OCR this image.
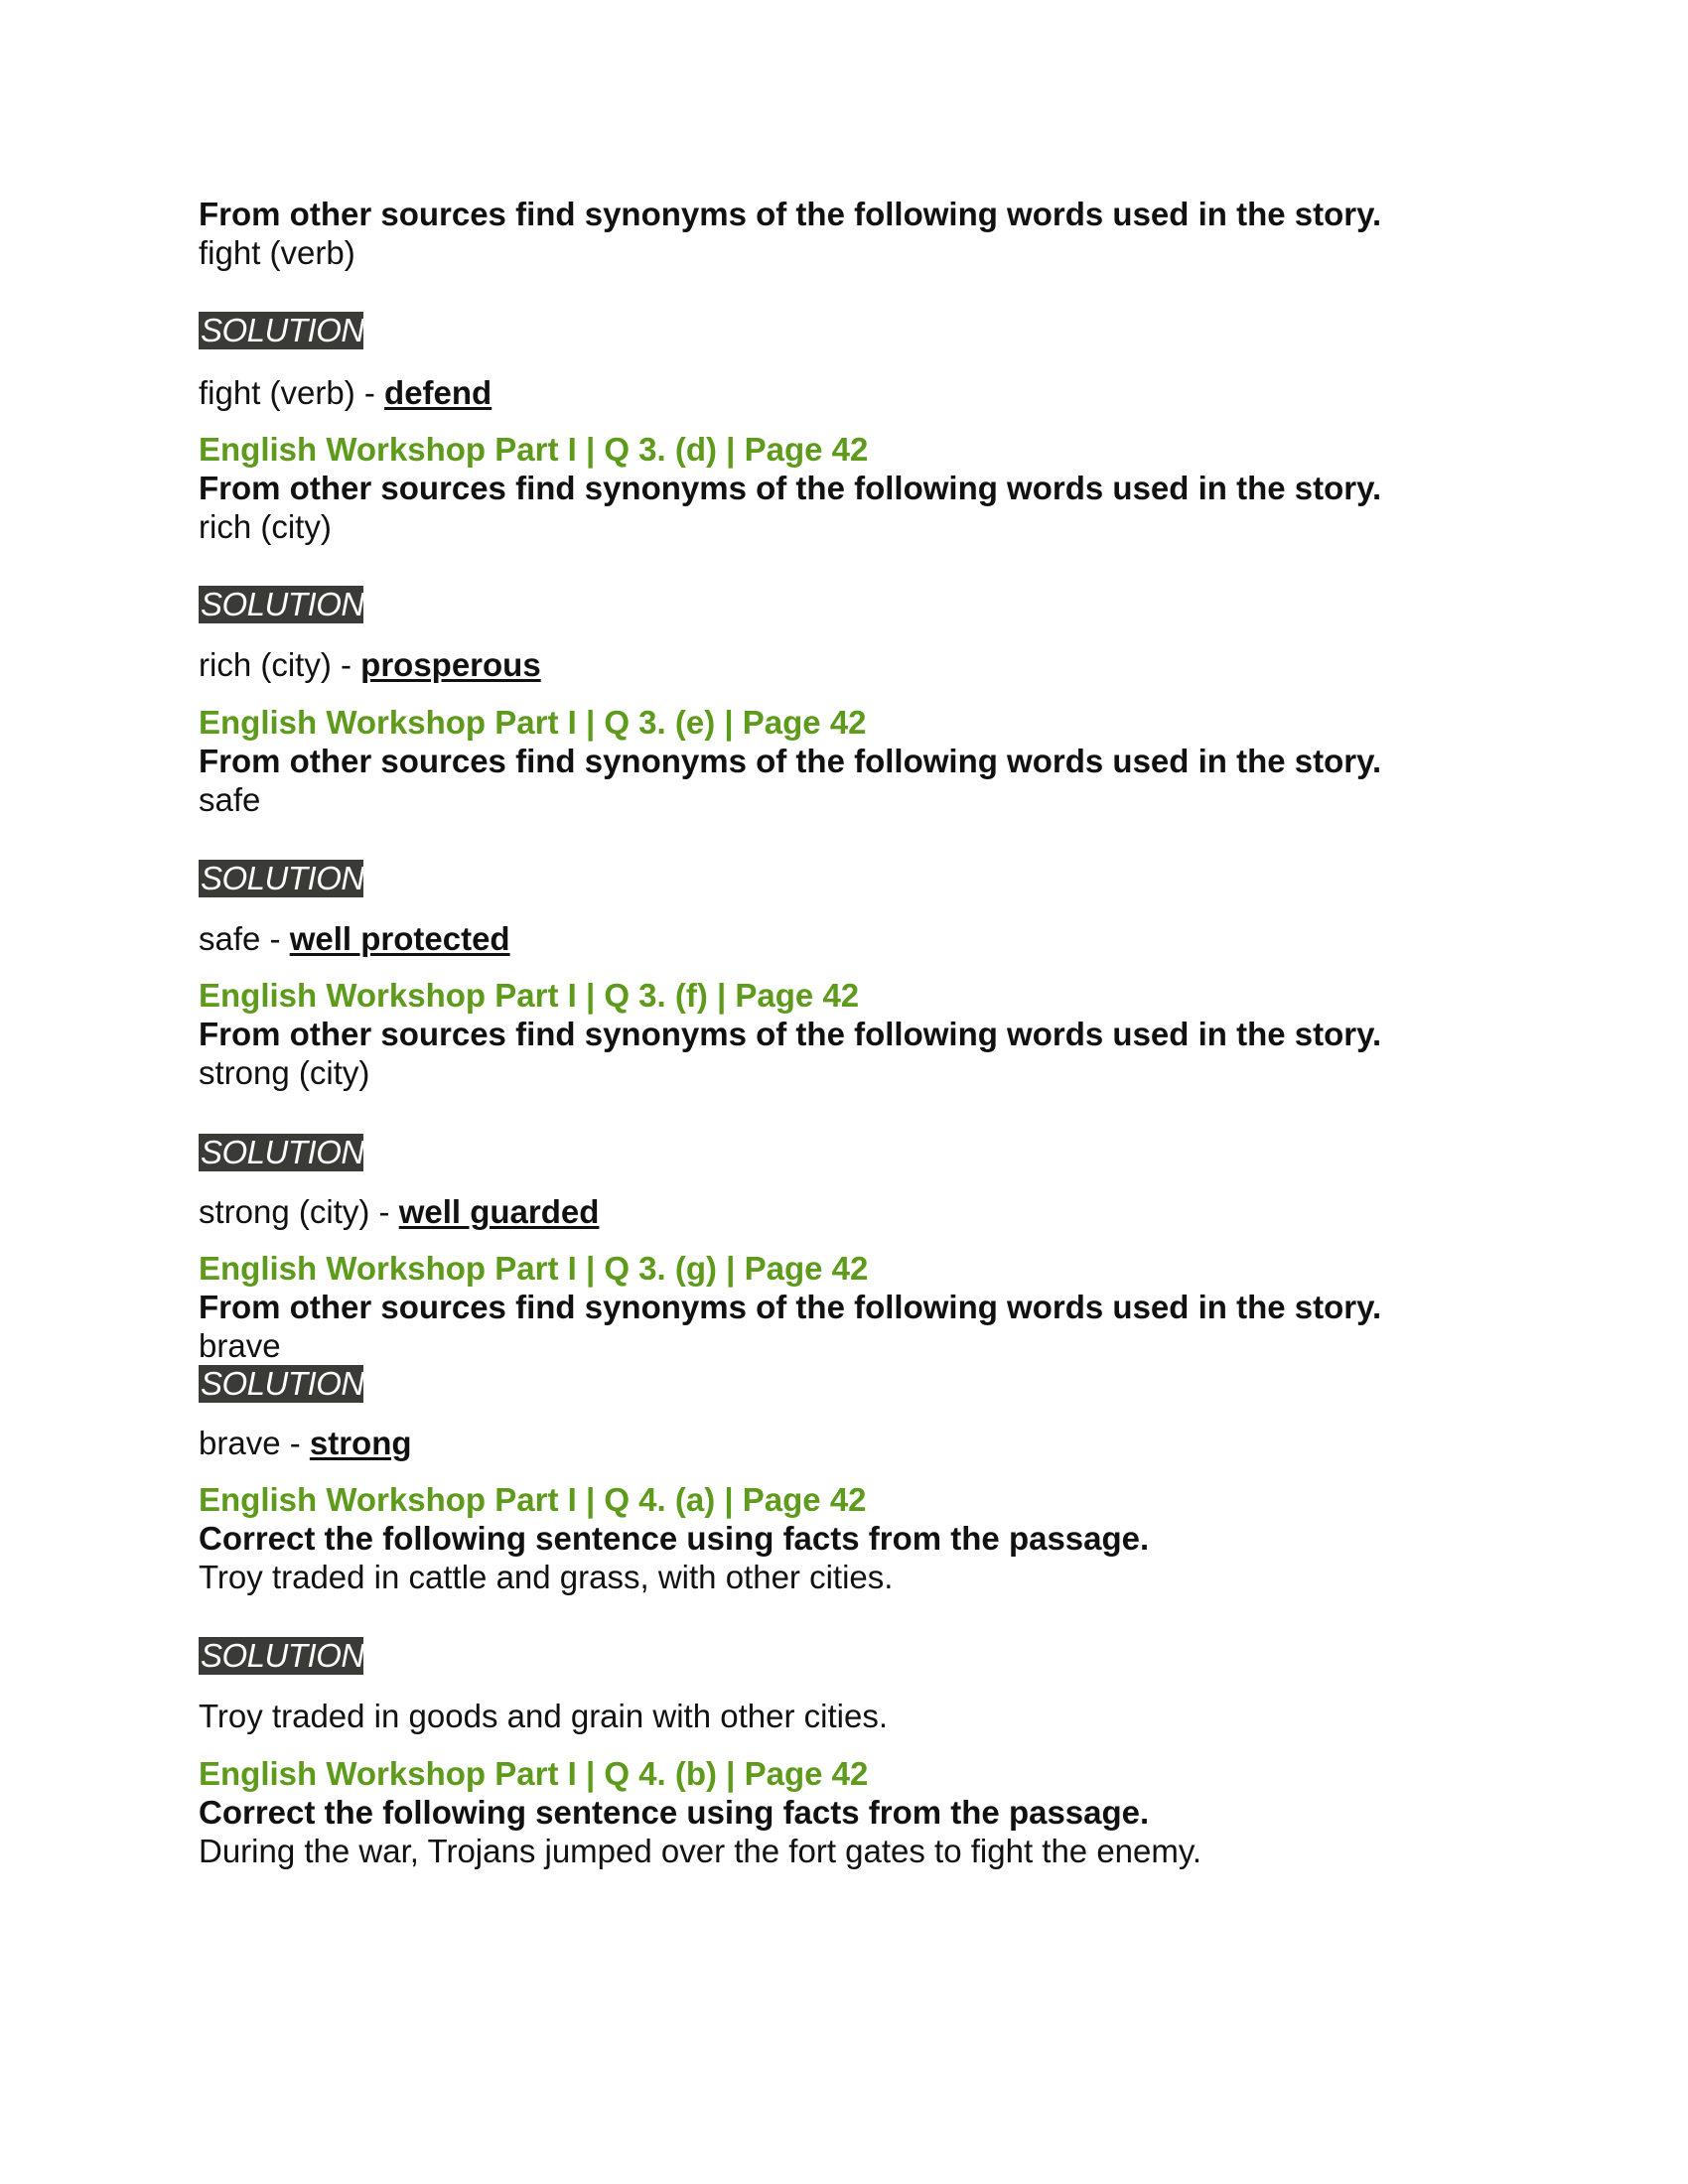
From other sources find synonyms of the following words used in the story.
fight (verb)
SOLUTION
fight (verb) - defend
English Workshop Part I | Q 3. (d) | Page 42
From other sources find synonyms of the following words used in the story.
rich (city)
SOLUTION
rich (city) - prosperous
English Workshop Part I | Q 3. (e) | Page 42
From other sources find synonyms of the following words used in the story.
safe
SOLUTION
safe - well protected
English Workshop Part I | Q 3. (f) | Page 42
From other sources find synonyms of the following words used in the story.
strong (city)
SOLUTION
strong (city) - well guarded
English Workshop Part I | Q 3. (g) | Page 42
From other sources find synonyms of the following words used in the story.
brave
SOLUTION
brave - strong
English Workshop Part I | Q 4. (a) | Page 42
Correct the following sentence using facts from the passage.
Troy traded in cattle and grass, with other cities.
SOLUTION
Troy traded in goods and grain with other cities.
English Workshop Part I | Q 4. (b) | Page 42
Correct the following sentence using facts from the passage.
During the war, Trojans jumped over the fort gates to fight the enemy.
